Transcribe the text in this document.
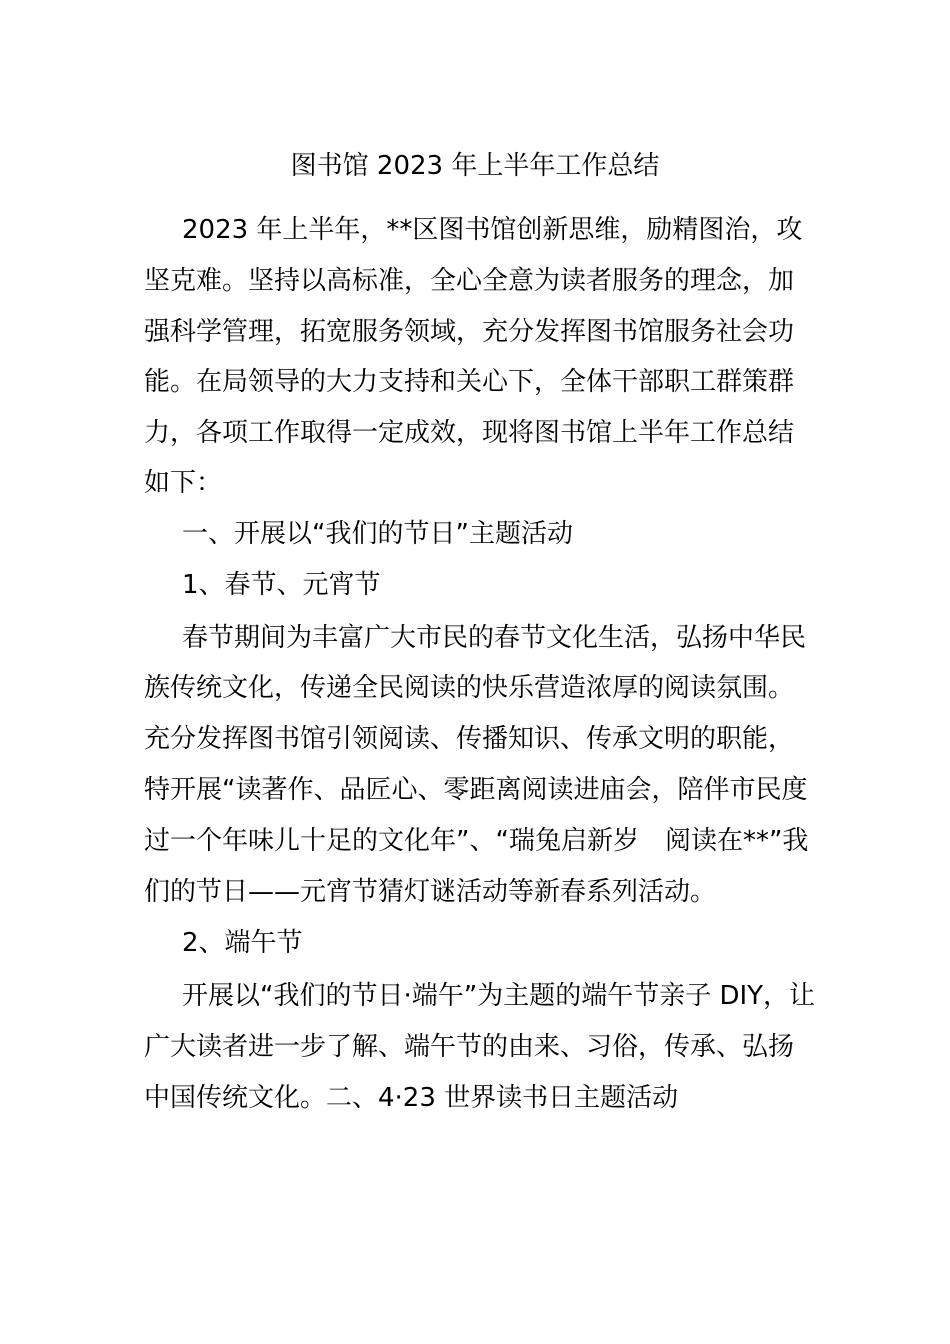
图书馆 2023 年上半年工作总结
2023 年上半年，**区图书馆创新思维，励精图治，攻
坚克难。坚持以高标准，全心全意为读者服务的理念，加
强科学管理，拓宽服务领域，充分发挥图书馆服务社会功
能。在局领导的大力支持和关心下，全体干部职工群策群
力，各项工作取得一定成效，现将图书馆上半年工作总结
如下：
一、开展以“我们的节日”主题活动
1、春节、元宵节
春节期间为丰富广大市民的春节文化生活，弘扬中华民
族传统文化，传递全民阅读的快乐营造浓厚的阅读氛围。
充分发挥图书馆引领阅读、传播知识、传承文明的职能，
特开展“读著作、品匠心、零距离阅读进庙会，陪伴市民度
过一个年味儿十足的文化年”、“瑞兔启新岁　阅读在**”我
们的节日——元宵节猜灯谜活动等新春系列活动。
2、端午节
开展以“我们的节日·端午”为主题的端午节亲子 DIY，让
广大读者进一步了解、端午节的由来、习俗，传承、弘扬
中国传统文化。二、4·23 世界读书日主题活动
